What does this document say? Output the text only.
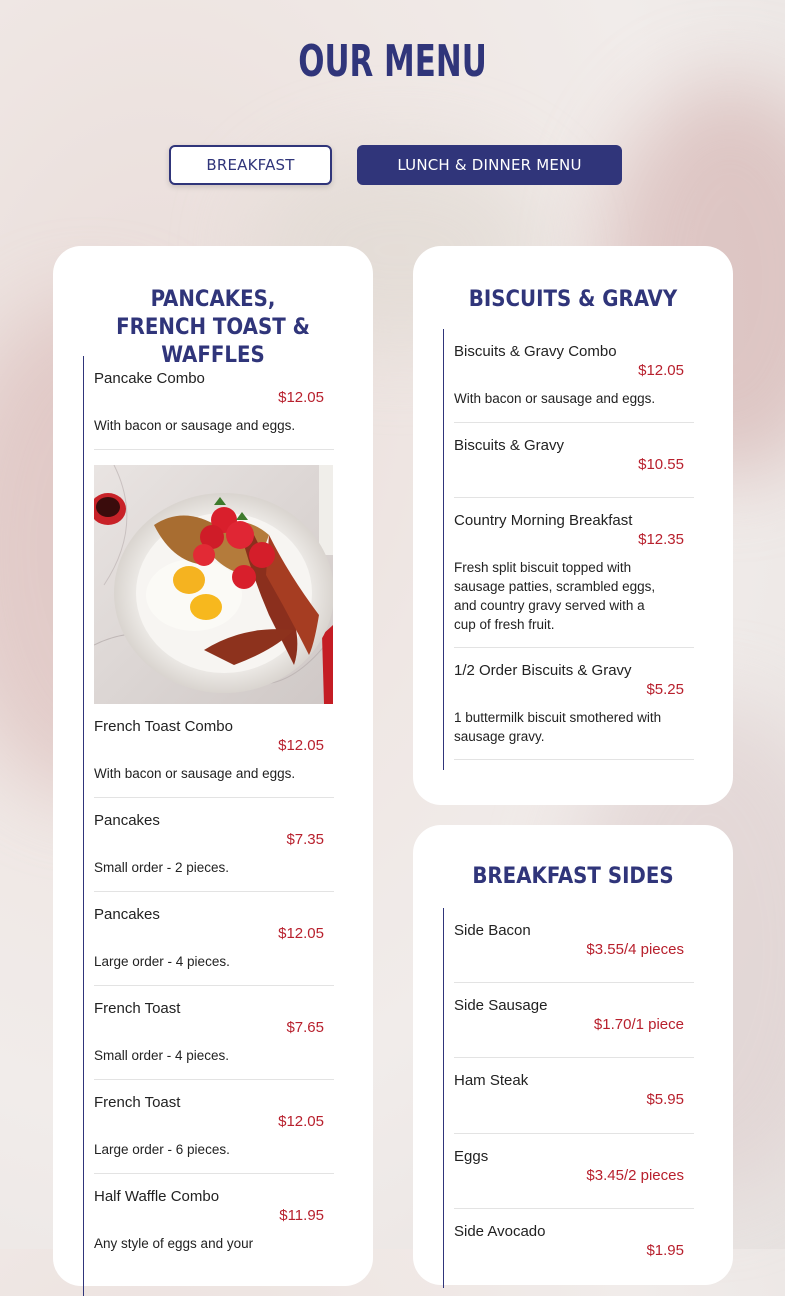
OUR MENU
BREAKFAST	LUNCH & DINNER MENU
PANCAKES, FRENCH TOAST & WAFFLES
Pancake Combo
$12.05
With bacon or sausage and eggs.
French Toast Combo
$12.05
With bacon or sausage and eggs.
Pancakes
$7.35
Small order - 2 pieces.
Pancakes
$12.05
Large order - 4 pieces.
French Toast
$7.65
Small order - 4 pieces.
French Toast
$12.05
Large order - 6 pieces.
Half Waffle Combo
$11.95
Any style of eggs and your
BISCUITS & GRAVY
Biscuits & Gravy Combo
$12.05
With bacon or sausage and eggs.
Biscuits & Gravy
$10.55
Country Morning Breakfast
$12.35
Fresh split biscuit topped with sausage patties, scrambled eggs, and country gravy served with a cup of fresh fruit.
1/2 Order Biscuits & Gravy
$5.25
1 buttermilk biscuit smothered with sausage gravy.
BREAKFAST SIDES
Side Bacon
$3.55/4 pieces
Side Sausage
$1.70/1 piece
Ham Steak
$5.95
Eggs
$3.45/2 pieces
Side Avocado
$1.95
